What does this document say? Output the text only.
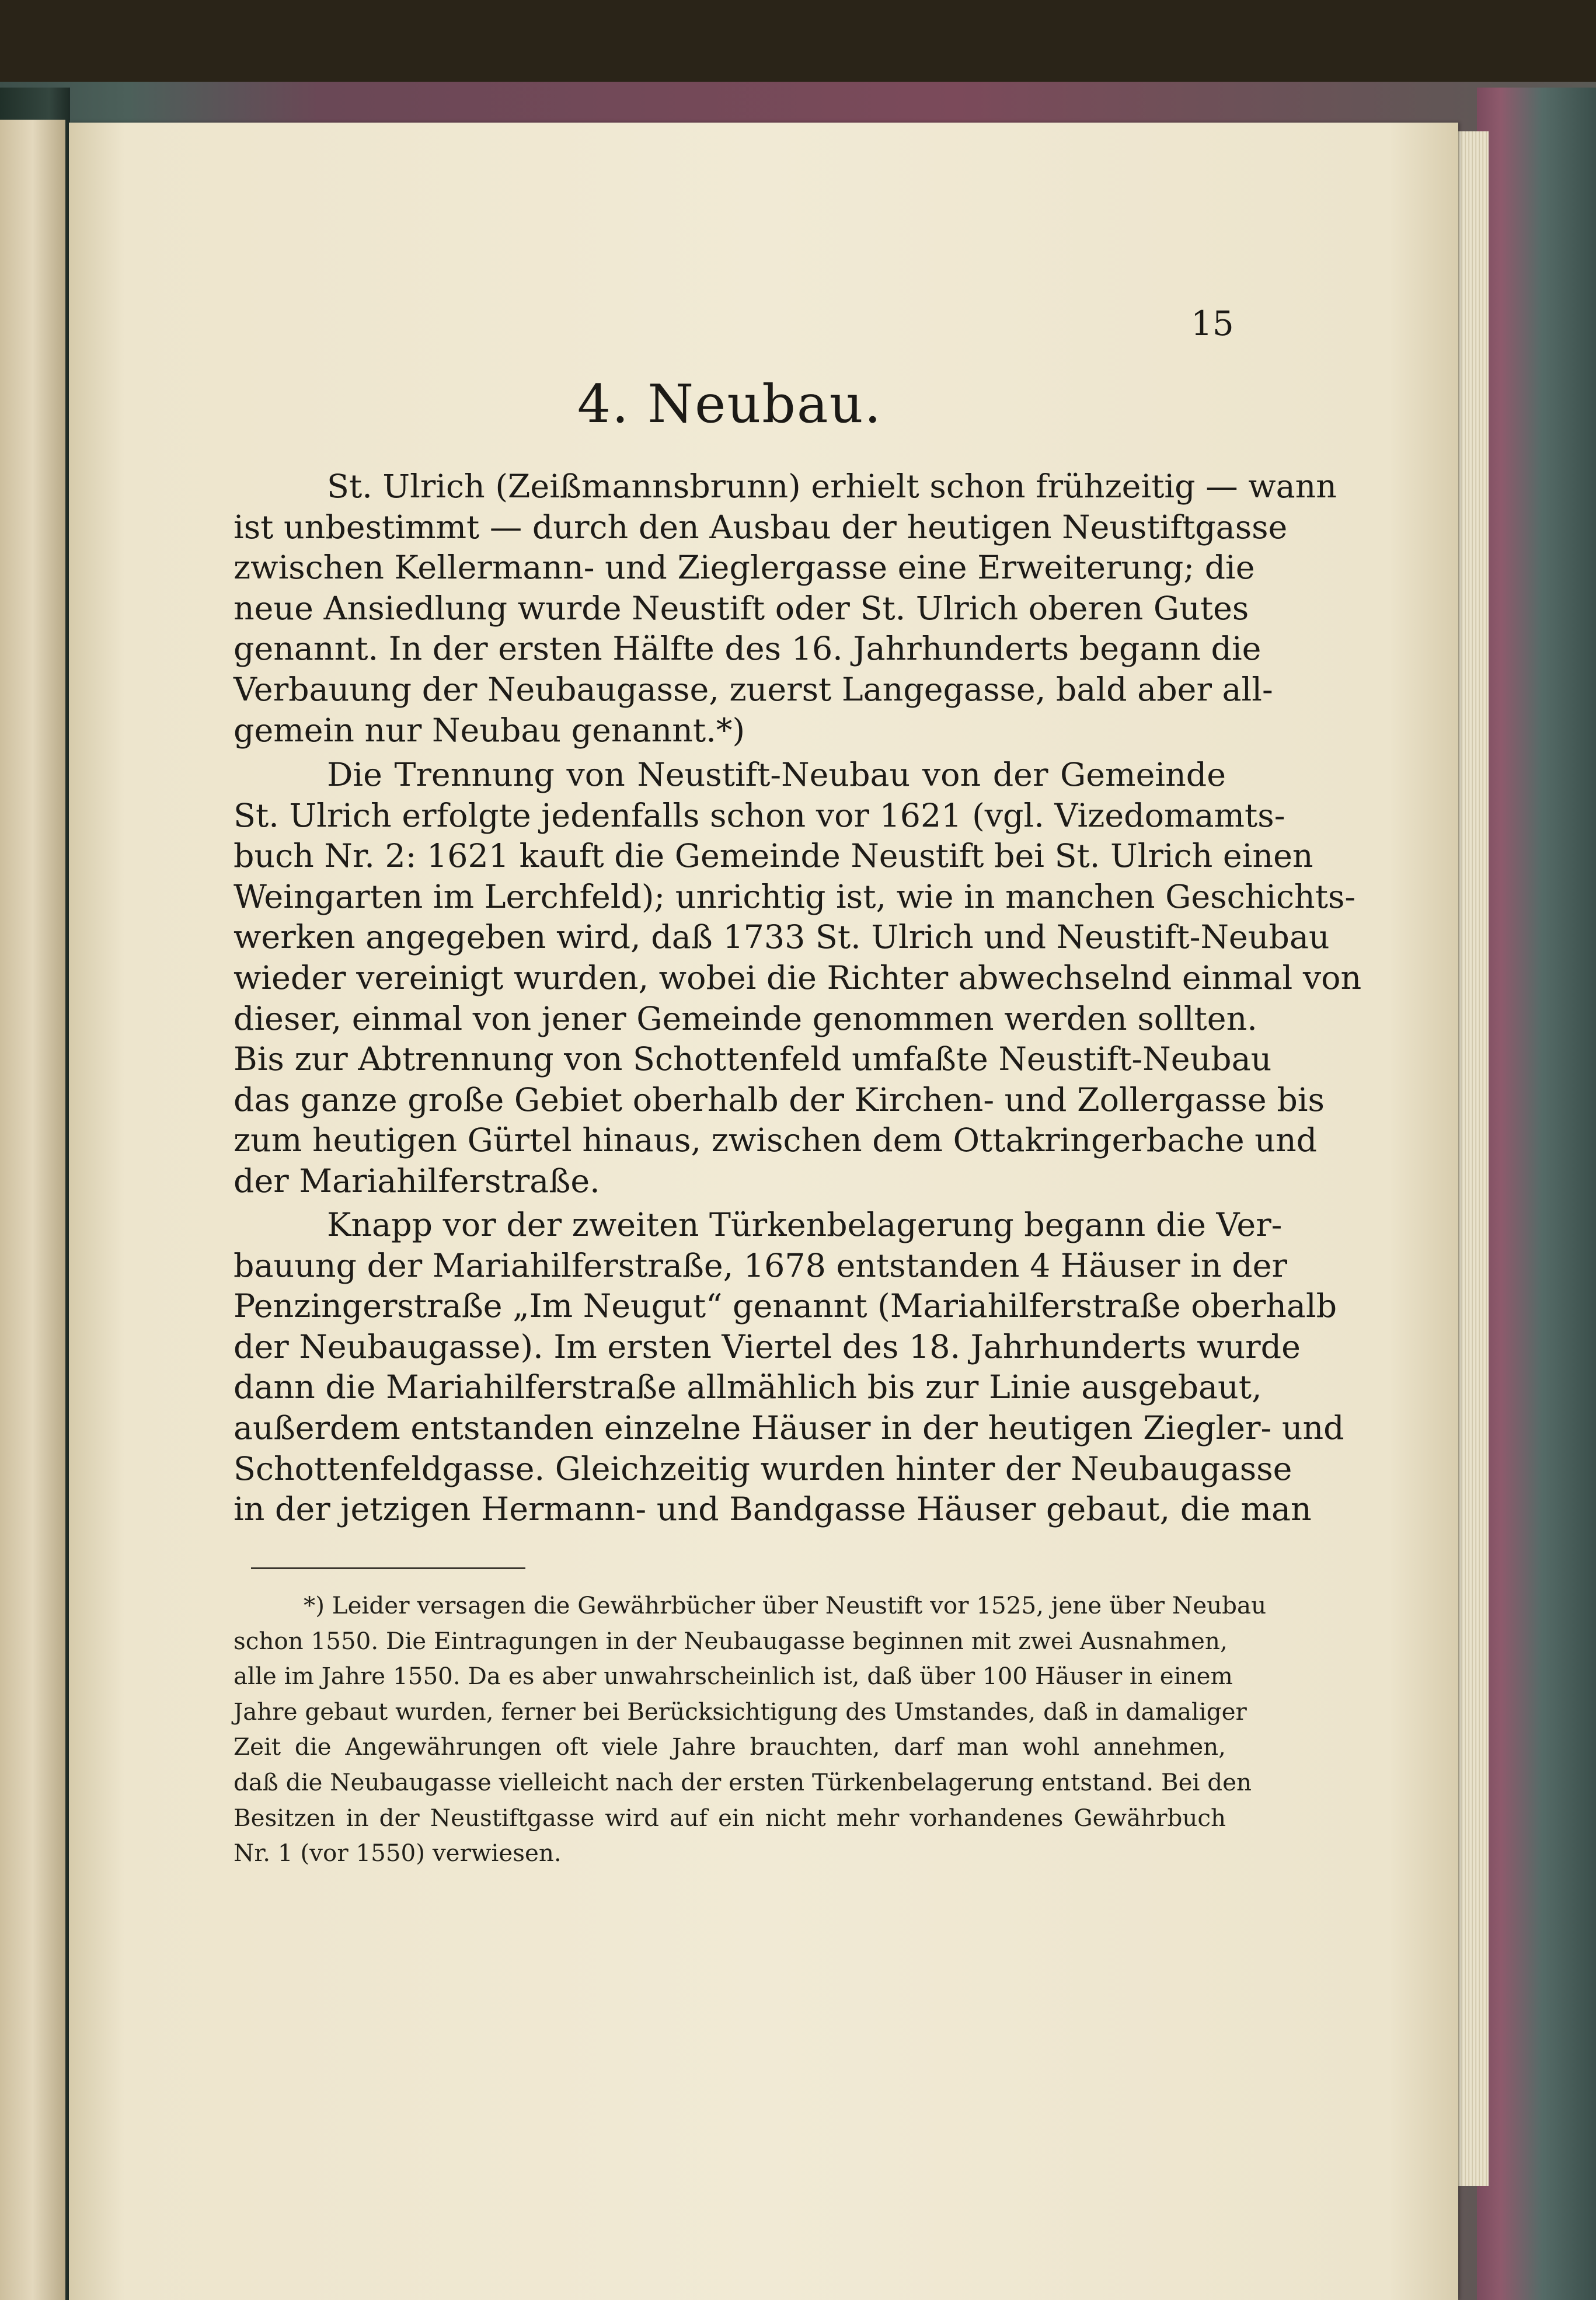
15
4. Neubau.
St. Ulrich (Zeißmannsbrunn) erhielt schon frühzeitig — wann
ist unbestimmt — durch den Ausbau der heutigen Neustiftgasse
zwischen Kellermann- und Zieglergasse eine Erweiterung; die
neue Ansiedlung wurde Neustift oder St. Ulrich oberen Gutes
genannt. In der ersten Hälfte des 16. Jahrhunderts begann die
Verbauung der Neubaugasse, zuerst Langegasse, bald aber all-
gemein nur Neubau genannt.*)
Die Trennung von Neustift-Neubau von der Gemeinde
St. Ulrich erfolgte jedenfalls schon vor 1621 (vgl. Vizedomamts-
buch Nr. 2: 1621 kauft die Gemeinde Neustift bei St. Ulrich einen
Weingarten im Lerchfeld); unrichtig ist, wie in manchen Geschichts-
werken angegeben wird, daß 1733 St. Ulrich und Neustift-Neubau
wieder vereinigt wurden, wobei die Richter abwechselnd einmal von
dieser, einmal von jener Gemeinde genommen werden sollten.
Bis zur Abtrennung von Schottenfeld umfaßte Neustift-Neubau
das ganze große Gebiet oberhalb der Kirchen- und Zollergasse bis
zum heutigen Gürtel hinaus, zwischen dem Ottakringerbache und
der Mariahilferstraße.
Knapp vor der zweiten Türkenbelagerung begann die Ver-
bauung der Mariahilferstraße, 1678 entstanden 4 Häuser in der
Penzingerstraße „Im Neugut“ genannt (Mariahilferstraße oberhalb
der Neubaugasse). Im ersten Viertel des 18. Jahrhunderts wurde
dann die Mariahilferstraße allmählich bis zur Linie ausgebaut,
außerdem entstanden einzelne Häuser in der heutigen Ziegler- und
Schottenfeldgasse. Gleichzeitig wurden hinter der Neubaugasse
in der jetzigen Hermann- und Bandgasse Häuser gebaut, die man
*) Leider versagen die Gewährbücher über Neustift vor 1525, jene über Neubau
schon 1550. Die Eintragungen in der Neubaugasse beginnen mit zwei Ausnahmen,
alle im Jahre 1550. Da es aber unwahrscheinlich ist, daß über 100 Häuser in einem
Jahre gebaut wurden, ferner bei Berücksichtigung des Umstandes, daß in damaliger
Zeit die Angewährungen oft viele Jahre brauchten, darf man wohl annehmen,
daß die Neubaugasse vielleicht nach der ersten Türkenbelagerung entstand. Bei den
Besitzen in der Neustiftgasse wird auf ein nicht mehr vorhandenes Gewährbuch
Nr. 1 (vor 1550) verwiesen.
